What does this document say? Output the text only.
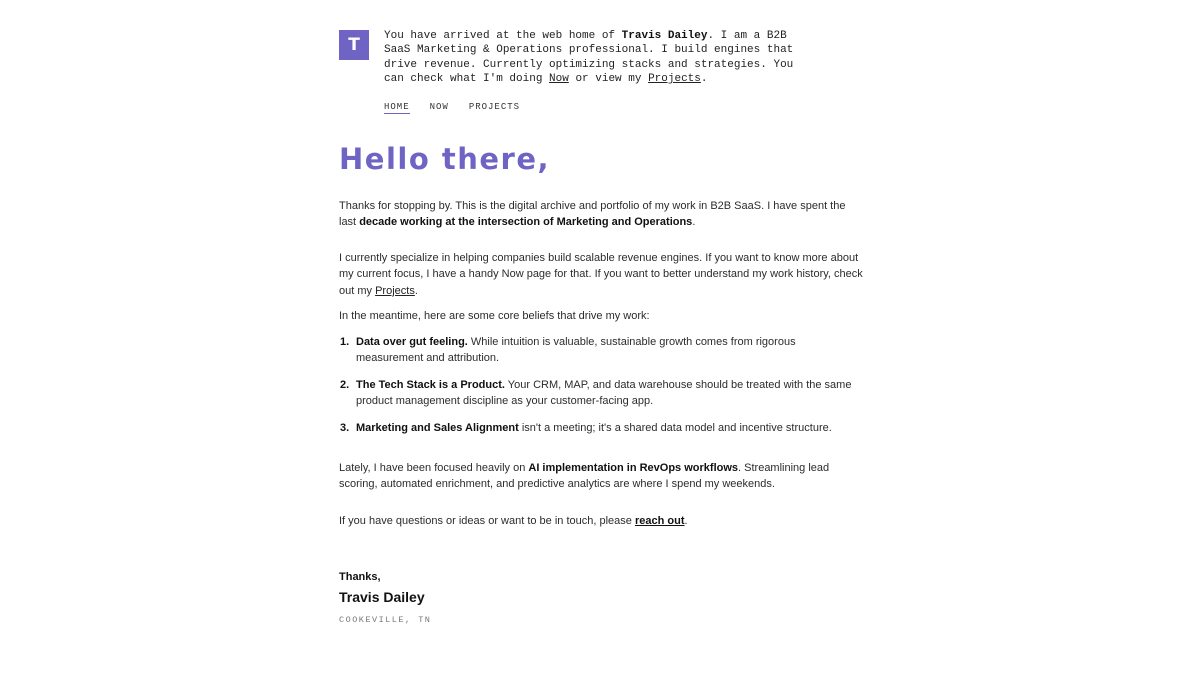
T	You have arrived at the web home of Travis Dailey. I am a B2B SaaS Marketing & Operations professional. I build engines that drive revenue. Currently optimizing stacks and strategies. You can check what I'm doing Now or view my Projects.
HOME NOW PROJECTS
Hello there,

Thanks for stopping by. This is the digital archive and portfolio of my work in B2B SaaS. I have spent the last decade working at the intersection of Marketing and Operations.

I currently specialize in helping companies build scalable revenue engines. If you want to know more about my current focus, I have a handy Now page for that. If you want to better understand my work history, check out my Projects.

In the meantime, here are some core beliefs that drive my work:

1. Data over gut feeling. While intuition is valuable, sustainable growth comes from rigorous measurement and attribution.
2. The Tech Stack is a Product. Your CRM, MAP, and data warehouse should be treated with the same product management discipline as your customer-facing app.
3. Marketing and Sales Alignment isn't a meeting; it's a shared data model and incentive structure.

Lately, I have been focused heavily on AI implementation in RevOps workflows. Streamlining lead scoring, automated enrichment, and predictive analytics are where I spend my weekends.

If you have questions or ideas or want to be in touch, please reach out.

Thanks,
Travis Dailey
COOKEVILLE, TN
